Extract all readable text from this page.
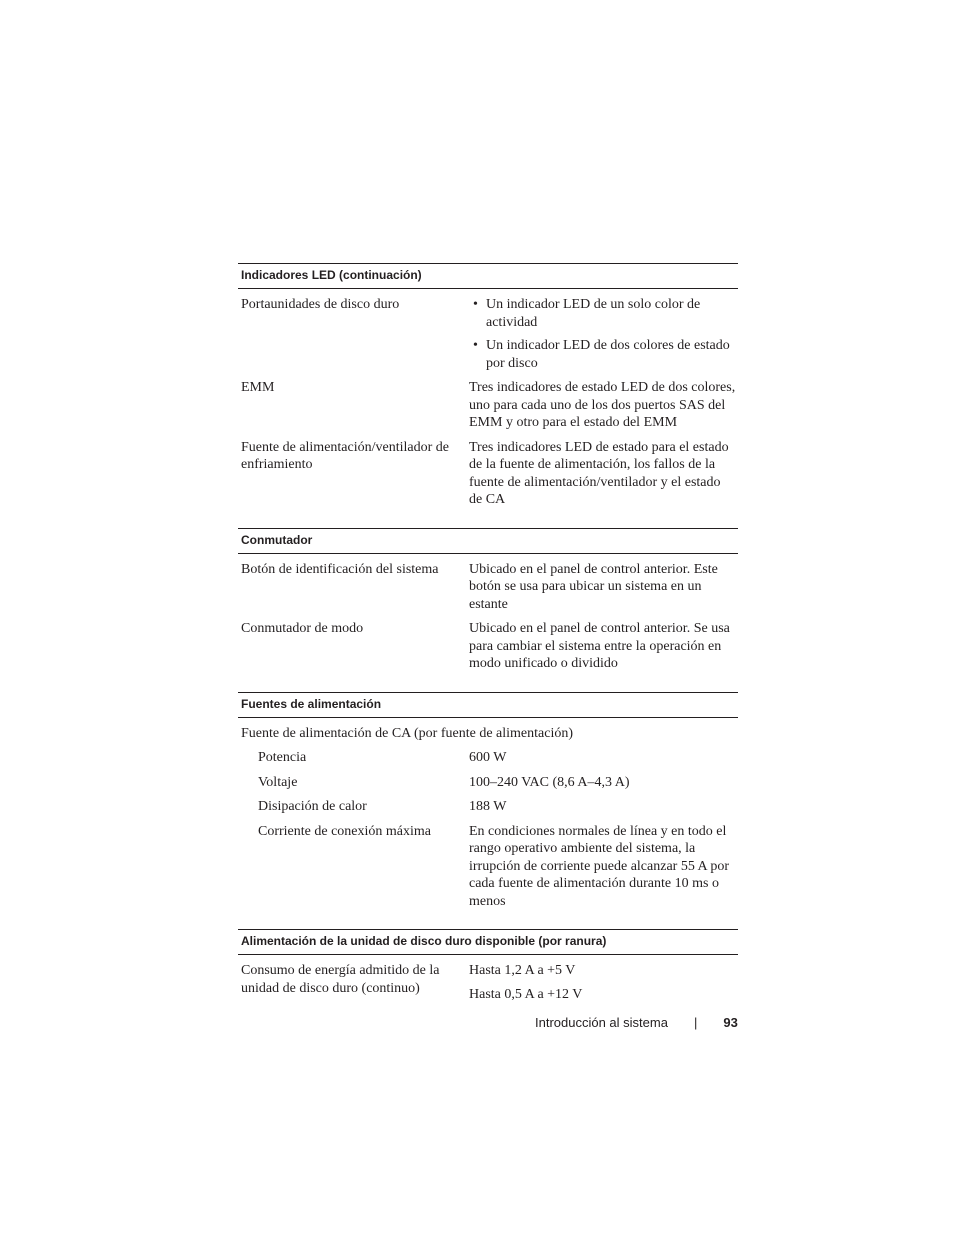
Indicadores LED (continuación)
Portaunidades de disco duro
•	Un indicador LED de un solo color de actividad
• Un indicador LED de dos colores de estado por disco
EMM	Tres indicadores de estado LED de dos colores, uno para cada uno de los dos puertos SAS del EMM y otro para el estado del EMM
Fuente de alimentación/ventilador de enfriamiento
Tres indicadores LED de estado para el estado de la fuente de alimentación, los fallos de la fuente de alimentación/ventilador y el estado de CA
Conmutador
Botón de identificación del sistema	Ubicado en el panel de control anterior. Este botón se usa para ubicar un sistema en un estante
Conmutador de modo	Ubicado en el panel de control anterior. Se usa para cambiar el sistema entre la operación en modo unificado o dividido
Fuentes de alimentación
Fuente de alimentación de CA (por fuente de alimentación)
Potencia	600 W
Voltaje	100–240 VAC (8,6 A–4,3 A)
Disipación de calor	188 W
Corriente de conexión máxima	En condiciones normales de línea y en todo el rango operativo ambiente del sistema, la irrupción de corriente puede alcanzar 55 A por cada fuente de alimentación durante 10 ms o menos
Alimentación de la unidad de disco duro disponible (por ranura)
Consumo de energía admitido de la unidad de disco duro (continuo)
Hasta 1,2 A a +5 V
Hasta 0,5 A a +12 V
Introducción al sistema | 93
